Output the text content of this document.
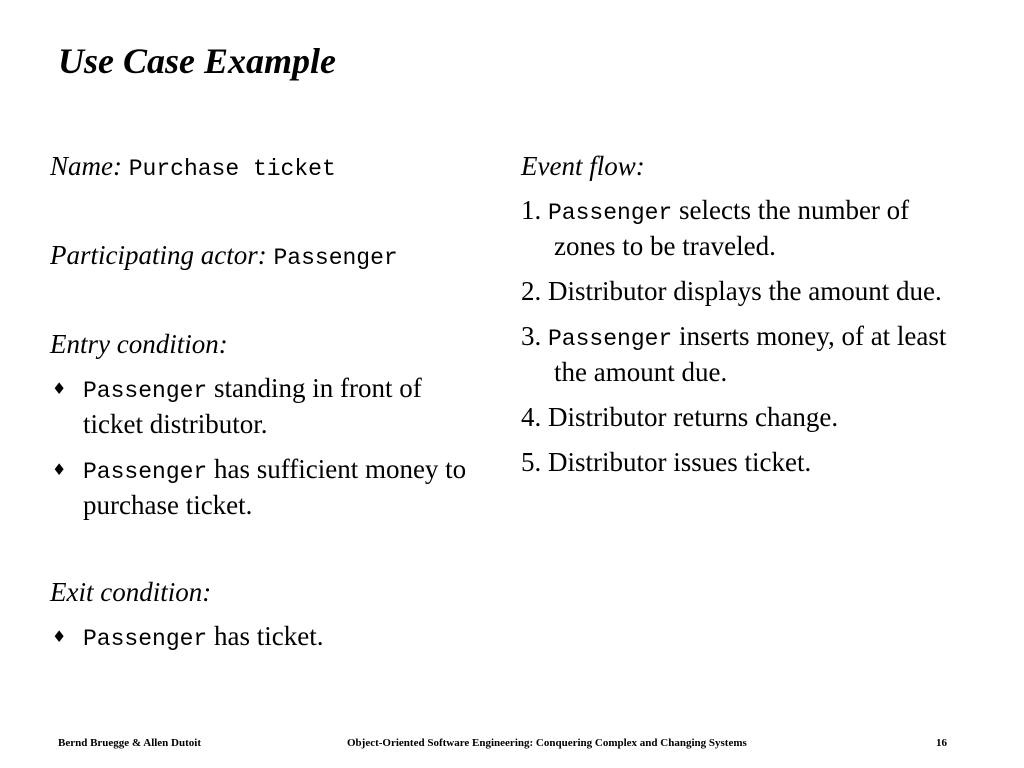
Use Case Example
Name: Purchase ticket
Participating actor: Passenger
Entry condition:
♦ Passenger standing in front of ticket distributor.
♦ Passenger has sufficient money to purchase ticket.
Exit condition:
♦ Passenger has ticket.
Event flow:
1. Passenger selects the number of zones to be traveled.
2. Distributor displays the amount due.
3. Passenger inserts money, of at least the amount due.
4. Distributor returns change.
5. Distributor issues ticket.
Bernd Bruegge & Allen Dutoit	Object-Oriented Software Engineering: Conquering Complex and Changing Systems	16
